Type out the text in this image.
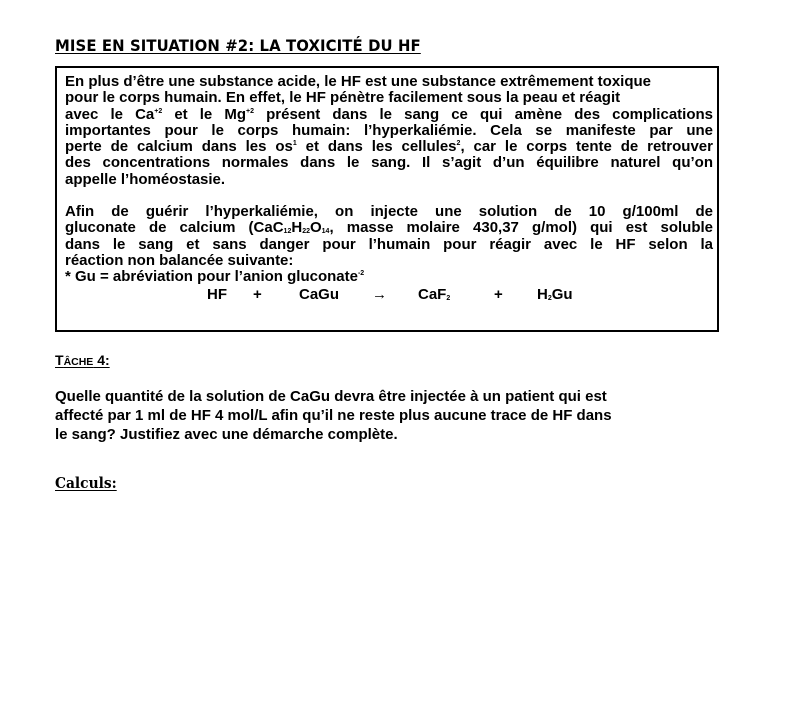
MISE EN SITUATION #2: LA TOXICITÉ DU HF

En plus d’être une substance acide, le HF est une substance extrêmement toxique
pour le corps humain. En effet, le HF pénètre facilement sous la peau et réagit
avec le $Ca^{+2}$ et le $Mg^{+2}$ présent dans le sang ce qui amène des complications
importantes pour le corps humain: l’hyperkaliémie. Cela se manifeste par une
perte de calcium dans les $os^1$ et dans les cellules$^2$, car le corps tente de retrouver
des concentrations normales dans le sang. Il s’agit d’un équilibre naturel qu’on
appelle l’homéostasie.

Afin de guérir l’hyperkaliémie, on injecte une solution de 10 g/100ml de
gluconate de calcium ($CaC_{12}H_{22}O_{14}$, masse molaire 430,37 g/mol) qui est soluble
dans le sang et sans danger pour l’humain pour réagir avec le HF selon la
réaction non balancée suivante:

* Gu = abréviation pour l’anion gluconate$^{-2}$

HF + CaGu → CaF$_2$	+ $H_2Gu$
TÂCHE 4:

Quelle quantité de la solution de CaGu devra être injectée à un patient qui est
affecté par 1 ml de HF 4 mol/L afin qu’il ne reste plus aucune trace de HF dans
le sang? Justifiez avec une démarche complète.

Calculs:
